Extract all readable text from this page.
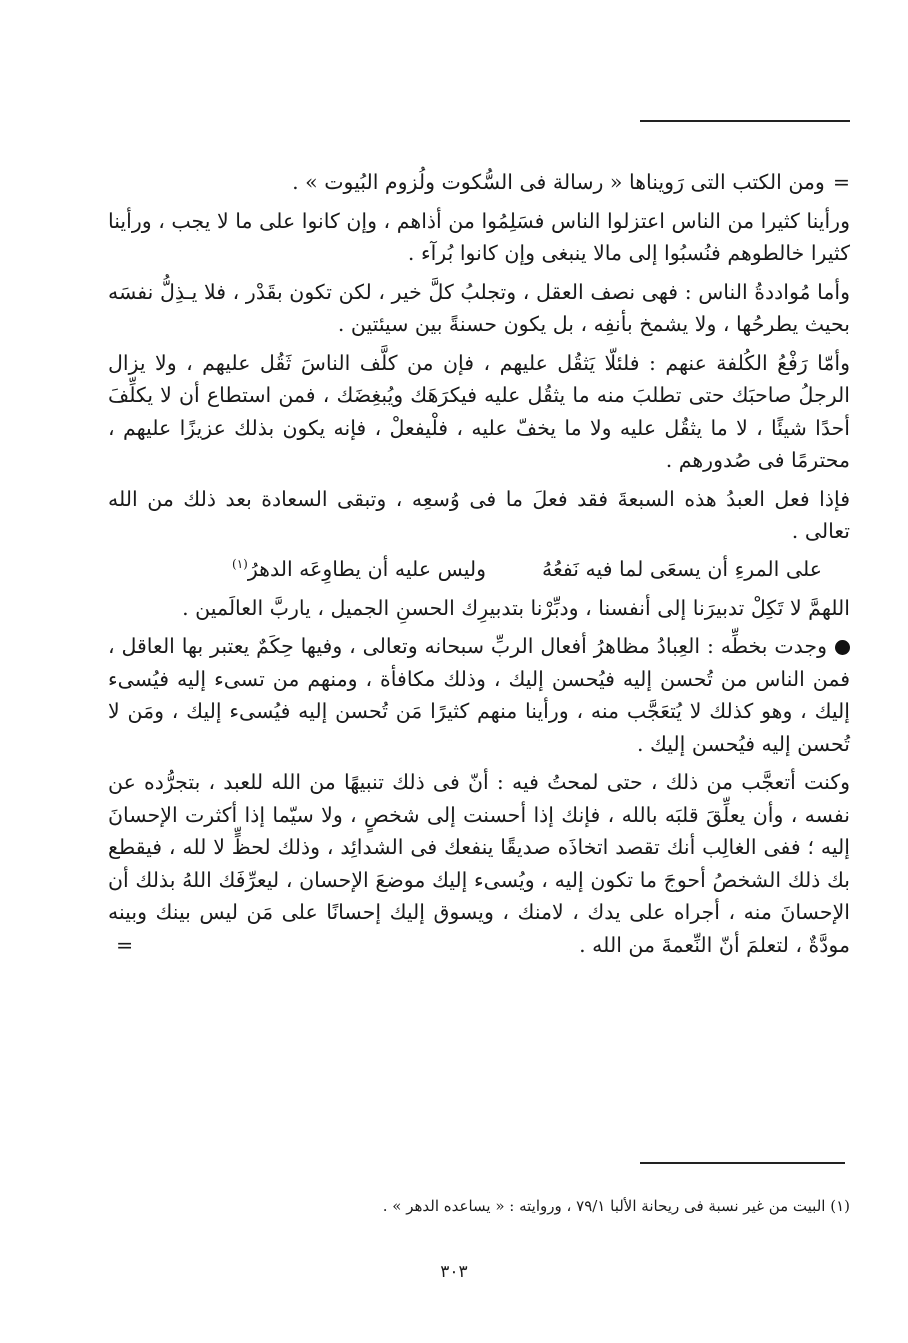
=ومن الكتب التى رَويناها « رسالة فى السُّكوت ولُزوم البُيوت » .

ورأينا كثيرا من الناس اعتزلوا الناس فسَلِمُوا من أذاهم ، وإن كانوا على ما لا يجب ، ورأينا كثيرا خالطوهم فنُسبُوا إلى مالا ينبغى وإن كانوا بُرآء .

وأما مُواددةُ الناس : فهى نصف العقل ، وتجلبُ كلَّ خير ، لكن تكون بقَدْر ، فلا يـذِلُّ نفسَه بحيث يطرحُها ، ولا يشمخ بأنفِه ، بل يكون حسنةً بين سيئتين .

وأمّا رَفْعُ الكُلفة عنهم : فلئلّا يَثقُل عليهم ، فإن من كلَّف الناسَ ثَقُل عليهم ، ولا يزال الرجلُ صاحبَك حتى تطلبَ منه ما يثقُل عليه فيكرَهَك ويُبغِضَك ، فمن استطاع أن لا يكلِّفَ أحدًا شيئًا ، لا ما يثقُل عليه ولا ما يخفّ عليه ، فلْيفعلْ ، فإنه يكون بذلك عزيزًا عليهم ، محترمًا فى صُدورهم .

فإذا فعل العبدُ هذه السبعةَ فقد فعلَ ما فى وُسعِه ، وتبقى السعادة بعد ذلك من الله تعالى .

على المرءِ أن يسعَى لما فيه نَفعُهُ
وليس عليه أن يطاوِعَه الدهرُ$^{(١)}$

اللهمَّ لا تَكِلْ تدبيرَنا إلى أنفسنا ، ودبِّرْنا بتدبيرِك الحسنِ الجميل ، ياربَّ العالَمين .

وجدت بخطِّه : العِبادُ مظاهرُ أفعال الربِّ سبحانه وتعالى ، وفيها حِكَمٌ يعتبر بها العاقل ، فمن الناس من تُحسن إليه فيُحسن إليك ، وذلك مكافأة ، ومنهم من تسىء إليه فيُسىء إليك ، وهو كذلك لا يُتعَجَّب منه ، ورأينا منهم كثيرًا مَن تُحسن إليه فيُسىء إليك ، ومَن لا تُحسن إليه فيُحسن إليك .

وكنت أتعجَّب من ذلك ، حتى لمحتُ فيه : أنّ فى ذلك تنبيهًا من الله للعبد ، بتجرُّده عن نفسه ، وأن يعلِّقَ قلبَه بالله ، فإنك إذا أحسنت إلى شخصٍ ، ولا سيّما إذا أكثرت الإحسانَ إليه ؛ ففى الغالِب أنك تقصد اتخاذَه صديقًا ينفعك فى الشدائِد ، وذلك لحظٍّ لا لله ، فيقطع بك ذلك الشخصُ أحوجَ ما تكون إليه ، ويُسىء إليك موضعَ الإحسان ، ليعرِّفَك اللهُ بذلك أن الإحسانَ منه ، أجراه على يدك ، لامنك ، ويسوق إليك إحسانًا على مَن ليس بينك وبينه مودَّةٌ ، لتعلمَ أنّ النِّعمةَ من الله .
=

(١) البيت من غير نسبة فى ريحانة الألبا ٧٩/١ ، وروايته : « يساعده الدهر » .
٣٠٣
